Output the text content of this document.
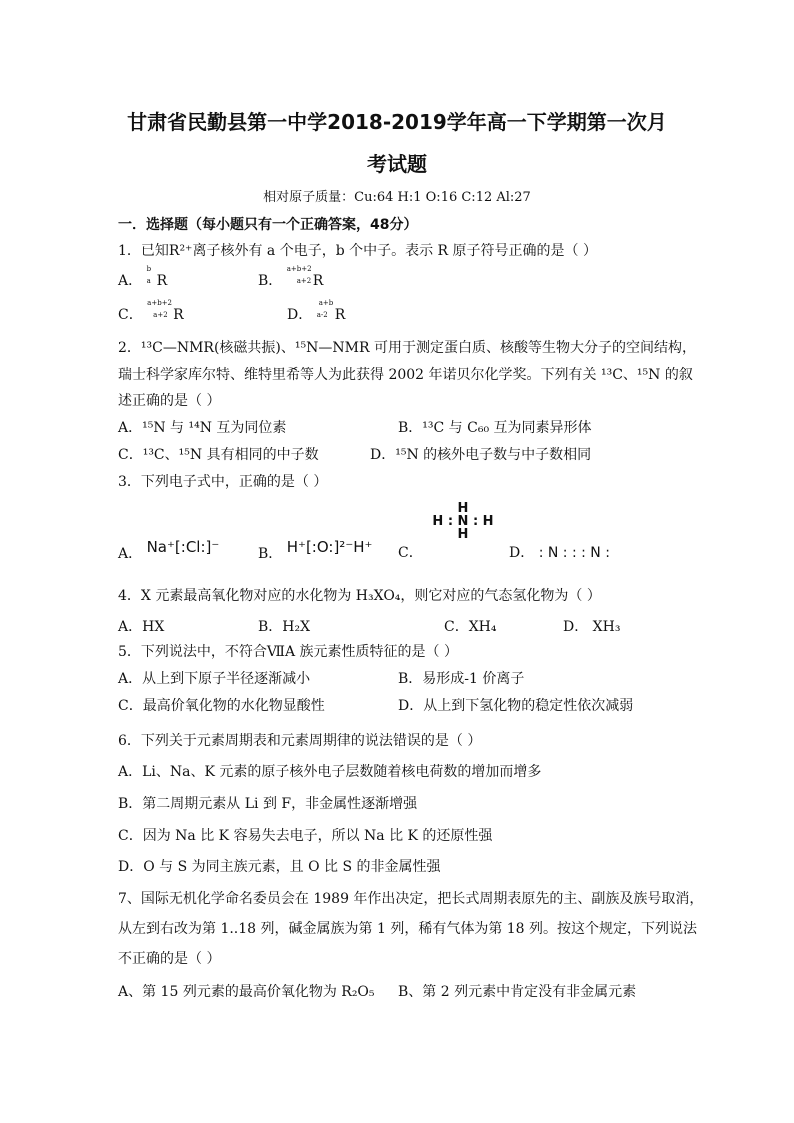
甘肃省民勤县第一中学2018-2019学年高一下学期第一次月
考试题
相对原子质量：Cu:64 H:1 O:16 C:12 Al:27
一．选择题（每小题只有一个正确答案，48分）
1．已知R²⁺离子核外有 a 个电子，b 个中子。表示 R 原子符号正确的是（ ）
A．
b
a R	B．
a+b+2
a+2 R
C．
a+b+2
a+2 R	D．
a+b
a-2 R
2．¹³C—NMR(核磁共振)、¹⁵N—NMR 可用于测定蛋白质、核酸等生物大分子的空间结构，
瑞士科学家库尔特、维特里希等人为此获得 2002 年诺贝尔化学奖。下列有关 ¹³C、¹⁵N 的叙
述正确的是（ ）
A．¹⁵N 与 ¹⁴N 互为同位素	B．¹³C 与 C₆₀ 互为同素异形体
C．¹³C、¹⁵N 具有相同的中子数	D．¹⁵N 的核外电子数与中子数相同
3．下列电子式中，正确的是（ ）
A． Na⁺[:Cl:]⁻	B． H⁺[:O:]²⁻H⁺ C．
H
H : N : H
H
D． : N : : : N :
4．X 元素最高氧化物对应的水化物为 H₃XO₄，则它对应的气态氢化物为（ ）
A．HX	B．H₂X	C．XH₄	D． XH₃
5．下列说法中，不符合ⅦA 族元素性质特征的是（ ）
A．从上到下原子半径逐渐减小	B．易形成-1 价离子
C．最高价氧化物的水化物显酸性	D．从上到下氢化物的稳定性依次减弱
6．下列关于元素周期表和元素周期律的说法错误的是（ ）
A．Li、Na、K 元素的原子核外电子层数随着核电荷数的增加而增多
B．第二周期元素从 Li 到 F，非金属性逐渐增强
C．因为 Na 比 K 容易失去电子，所以 Na 比 K 的还原性强
D．O 与 S 为同主族元素，且 O 比 S 的非金属性强
7、国际无机化学命名委员会在 1989 年作出决定，把长式周期表原先的主、副族及族号取消，
从左到右改为第 1..18 列，碱金属族为第 1 列，稀有气体为第 18 列。按这个规定，下列说法
不正确的是（ ）
A、第 15 列元素的最高价氧化物为 R₂O₅ B、第 2 列元素中肯定没有非金属元素
